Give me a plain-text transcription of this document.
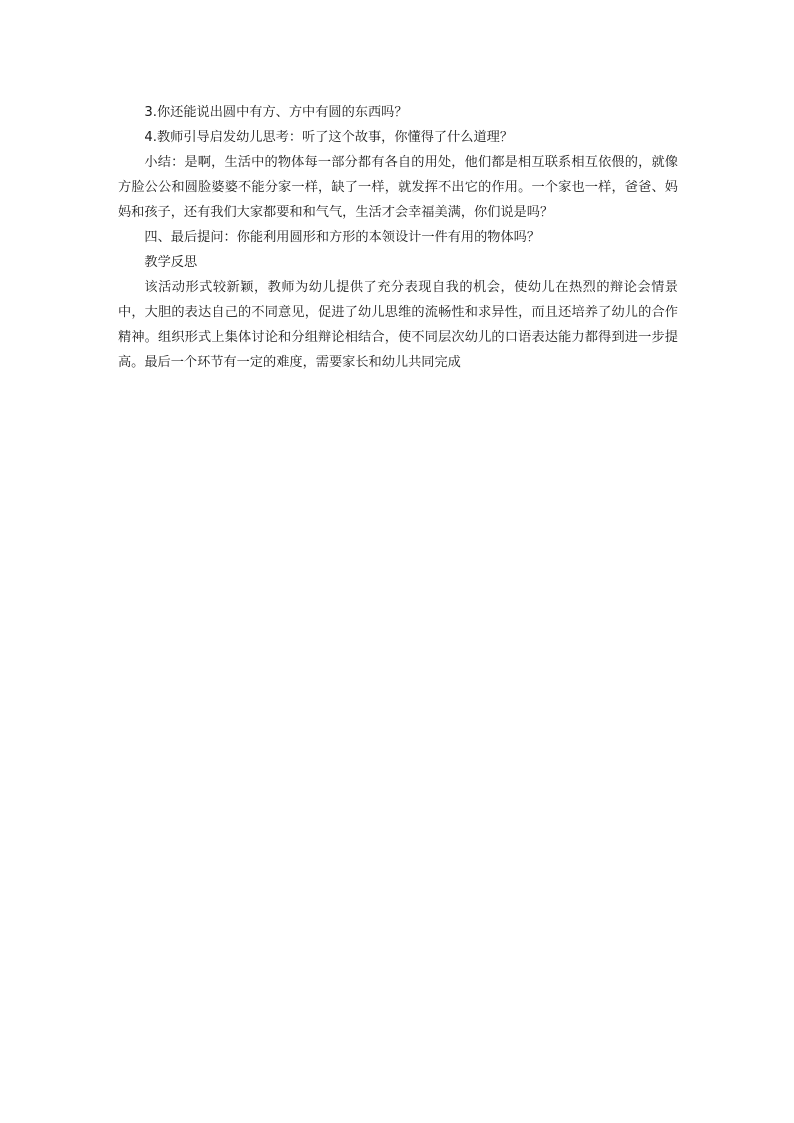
3.你还能说出圆中有方、方中有圆的东西吗？

4.教师引导启发幼儿思考：听了这个故事，你懂得了什么道理？

小结：是啊，生活中的物体每一部分都有各自的用处，他们都是相互联系相互依偎的，就像方脸公公和圆脸婆婆不能分家一样，缺了一样，就发挥不出它的作用。一个家也一样，爸爸、妈妈和孩子，还有我们大家都要和和气气，生活才会幸福美满，你们说是吗？

四、最后提问：你能利用圆形和方形的本领设计一件有用的物体吗？

教学反思

该活动形式较新颖，教师为幼儿提供了充分表现自我的机会，使幼儿在热烈的辩论会情景中，大胆的表达自己的不同意见，促进了幼儿思维的流畅性和求异性，而且还培养了幼儿的合作精神。组织形式上集体讨论和分组辩论相结合，使不同层次幼儿的口语表达能力都得到进一步提高。最后一个环节有一定的难度，需要家长和幼儿共同完成
